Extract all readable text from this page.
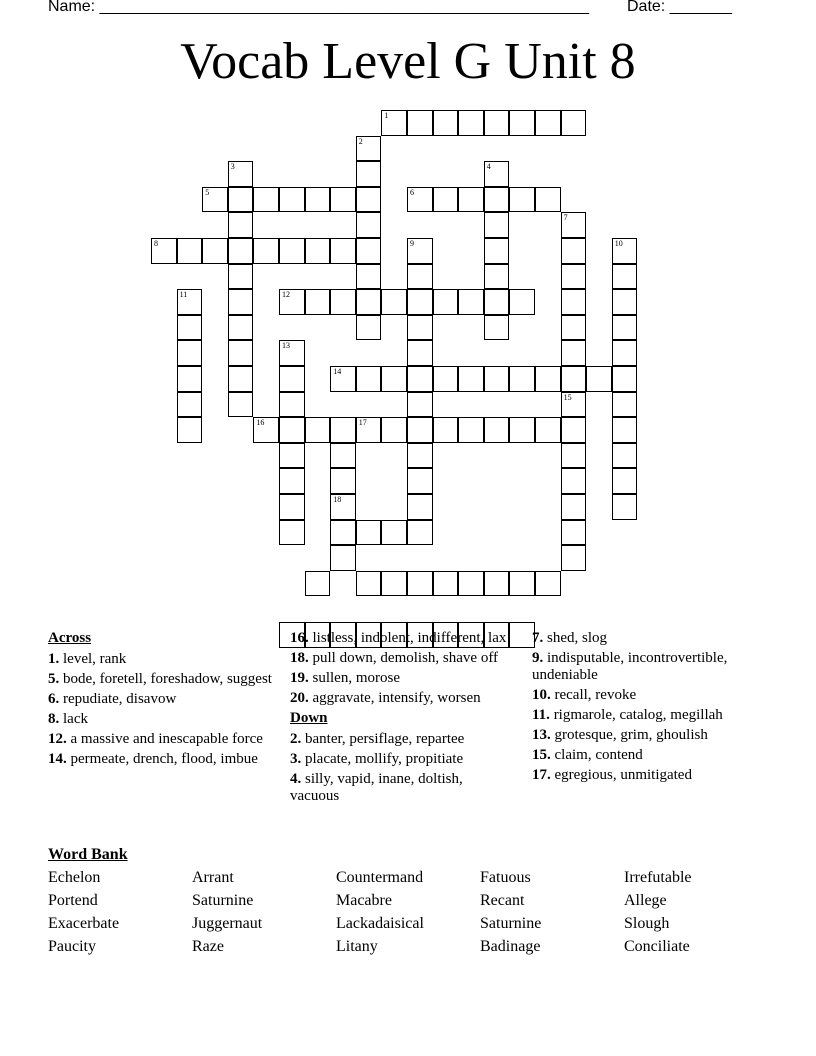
Name: _______________________________________________________ Date: _______
Vocab Level G Unit 8
1
2
3
5	6
4
8
7
10
9
11	12
13
14
16	17
15
18
Across
1. level, rank
5. bode, foretell, foreshadow, suggest
6. repudiate, disavow
8. lack
12. a massive and inescapable force
14. permeate, drench, flood, imbue
16. listless, indolent, indifferent, lax
18. pull down, demolish, shave off
19. sullen, morose
20. aggravate, intensify, worsen
Down
2. banter, persiflage, repartee
3. placate, mollify, propitiate
4. silly, vapid, inane, doltish, vacuous
7. shed, slog
9. indisputable, incontrovertible, undeniable
10. recall, revoke
11. rigmarole, catalog, megillah
13. grotesque, grim, ghoulish
15. claim, contend
17. egregious, unmitigated
Word Bank
Echelon	Arrant	Countermand	Fatuous	Irrefutable
Portend	Saturnine	Macabre	Recant	Allege
Exacerbate	Juggernaut	Lackadaisical	Saturnine	Slough
Paucity	Raze	Litany	Badinage	Conciliate
